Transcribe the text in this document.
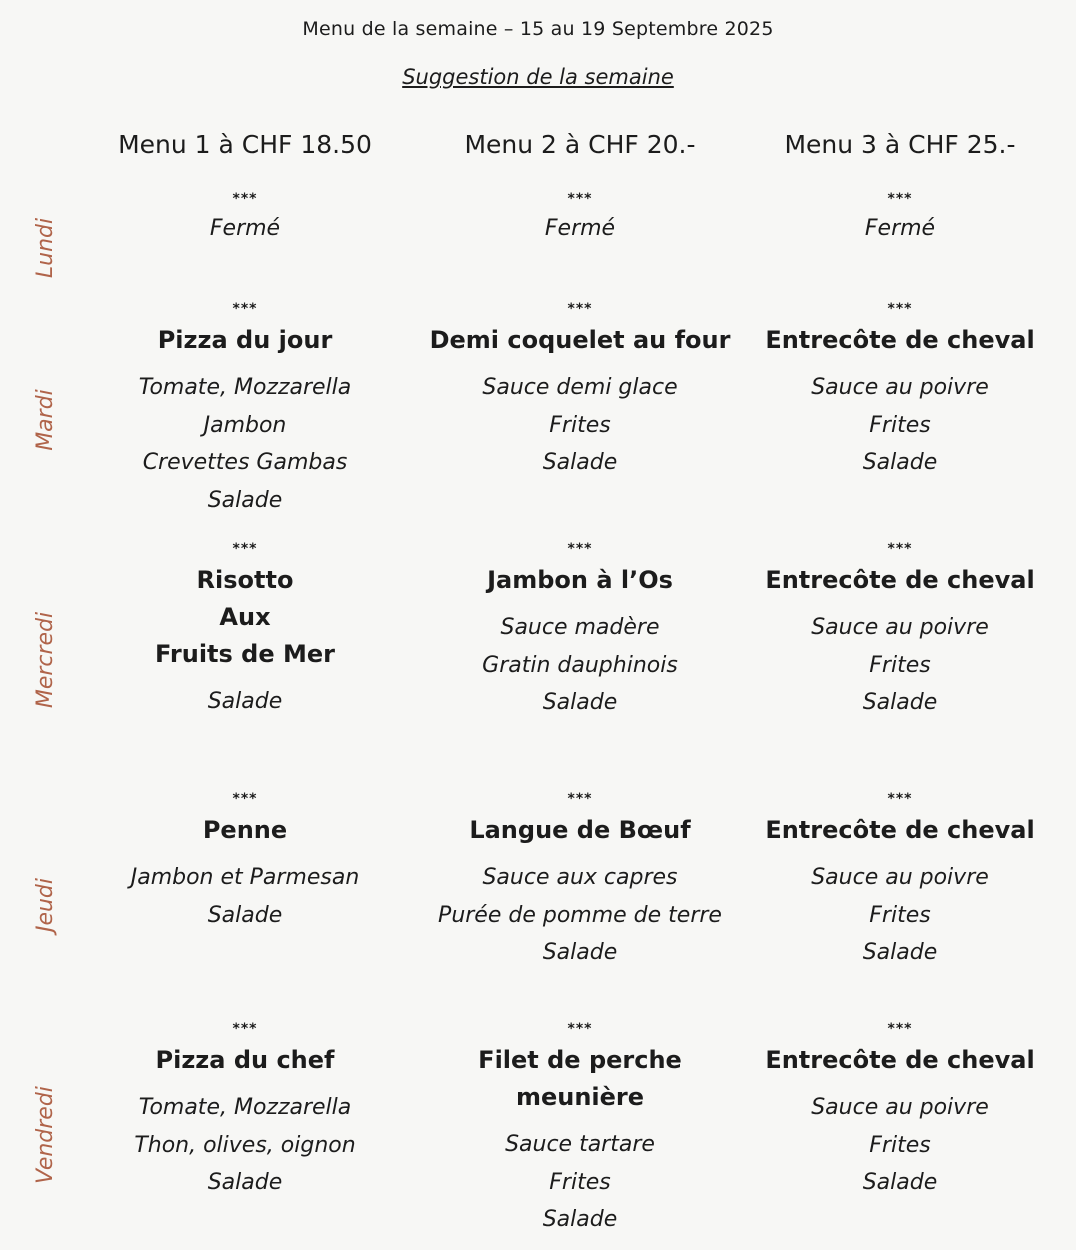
Menu de la semaine – 15 au 19 Septembre 2025
Suggestion de la semaine
Menu 1 à CHF 18.50	Menu 2 à CHF 20.-	Menu 3 à CHF 25.-
Lundi
***
Fermé
***
Fermé
***
Fermé
Mardi
***
Pizza du jour
Tomate, Mozzarella
Jambon
Crevettes Gambas
Salade
***
Demi coquelet au four
Sauce demi glace
Frites
Salade
***
Entrecôte de cheval
Sauce au poivre
Frites
Salade
Mercredi
***
Risotto
Aux
Fruits de Mer
Salade
***
Jambon à l’Os
Sauce madère
Gratin dauphinois
Salade
***
Entrecôte de cheval
Sauce au poivre
Frites
Salade
Jeudi
***
Penne
Jambon et Parmesan
Salade
***
Langue de Bœuf
Sauce aux capres
Purée de pomme de terre
Salade
***
Entrecôte de cheval
Sauce au poivre
Frites
Salade
Vendredi
***
Pizza du chef
Tomate, Mozzarella
Thon, olives, oignon
Salade
***
Filet de perche
meunière
Sauce tartare
Frites
Salade
***
Entrecôte de cheval
Sauce au poivre
Frites
Salade
